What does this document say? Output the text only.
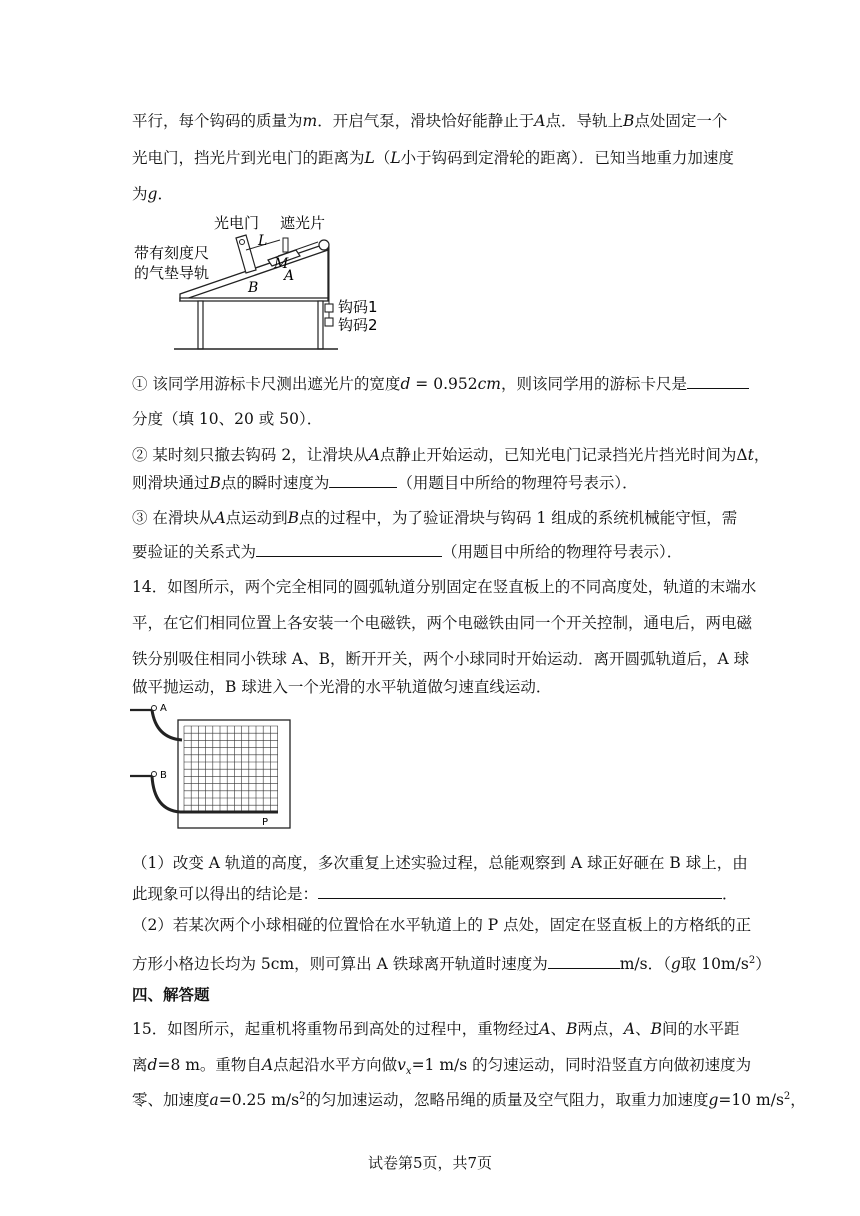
平行，每个钩码的质量为m．开启气泵，滑块恰好能静止于A点．导轨上B点处固定一个
光电门，挡光片到光电门的距离为L（L小于钩码到定滑轮的距离）．已知当地重力加速度
为g．
光电门 遮光片
带有刻度尺
的气垫导轨
L
M
A
B
钩码1
钩码2
① 该同学用游标卡尺测出遮光片的宽度d = 0.952cm，则该同学用的游标卡尺是
分度（填 10、20 或 50）．
② 某时刻只撤去钩码 2，让滑块从A点静止开始运动，已知光电门记录挡光片挡光时间为Δt，
则滑块通过B点的瞬时速度为	（用题目中所给的物理符号表示）．
③ 在滑块从A点运动到B点的过程中，为了验证滑块与钩码 1 组成的系统机械能守恒，需
要验证的关系式为	（用题目中所给的物理符号表示）．
14．如图所示，两个完全相同的圆弧轨道分别固定在竖直板上的不同高度处，轨道的末端水
平，在它们相同位置上各安装一个电磁铁，两个电磁铁由同一个开关控制，通电后，两电磁
铁分别吸住相同小铁球 A、B，断开开关，两个小球同时开始运动．离开圆弧轨道后，A 球
做平抛运动，B 球进入一个光滑的水平轨道做匀速直线运动．
A
B
P
（1）改变 A 轨道的高度，多次重复上述实验过程，总能观察到 A 球正好砸在 B 球上，由
此现象可以得出的结论是：	．
（2）若某次两个小球相碰的位置恰在水平轨道上的 P 点处，固定在竖直板上的方格纸的正
方形小格边长均为 5cm，则可算出 A 铁球离开轨道时速度为	m/s．（g取 $10m/s^2$）
四、解答题
15．如图所示，起重机将重物吊到高处的过程中，重物经过A、B两点，A、B间的水平距
离d=8 m。重物自A点起沿水平方向做$v_x=1$ m/s 的匀速运动，同时沿竖直方向做初速度为
零、加速度a=0.25 $m/s^2$的匀加速运动，忽略吊绳的质量及空气阻力，取重力加速度g=10 $m/s^2$，
试卷第5页，共7页
